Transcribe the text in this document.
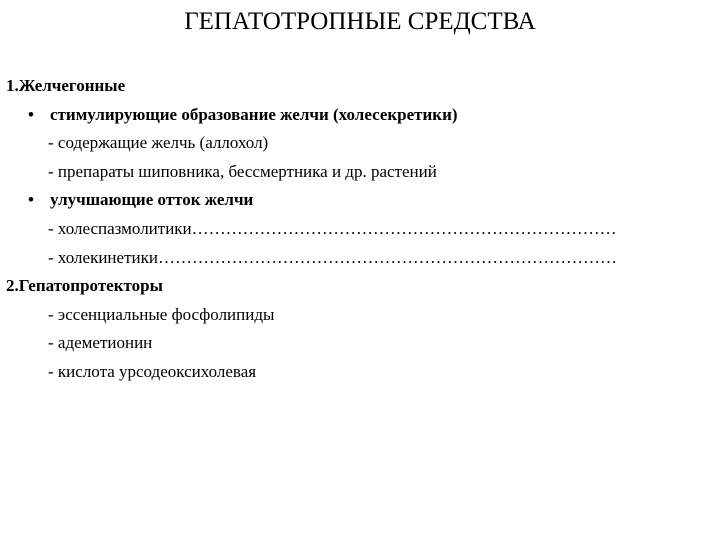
ГЕПАТОТРОПНЫЕ СРЕДСТВА
1.Желчегонные
• стимулирующие образование желчи (холесекретики)
- содержащие желчь (аллохол)
- препараты шиповника, бессмертника и др. растений
• улучшающие отток желчи
- холеспазмолитики…………………………………………………………………
- холекинетики………………………………………………………………………
2.Гепатопротекторы
- эссенциальные фосфолипиды
- адеметионин
- кислота урсодеоксихолевая
